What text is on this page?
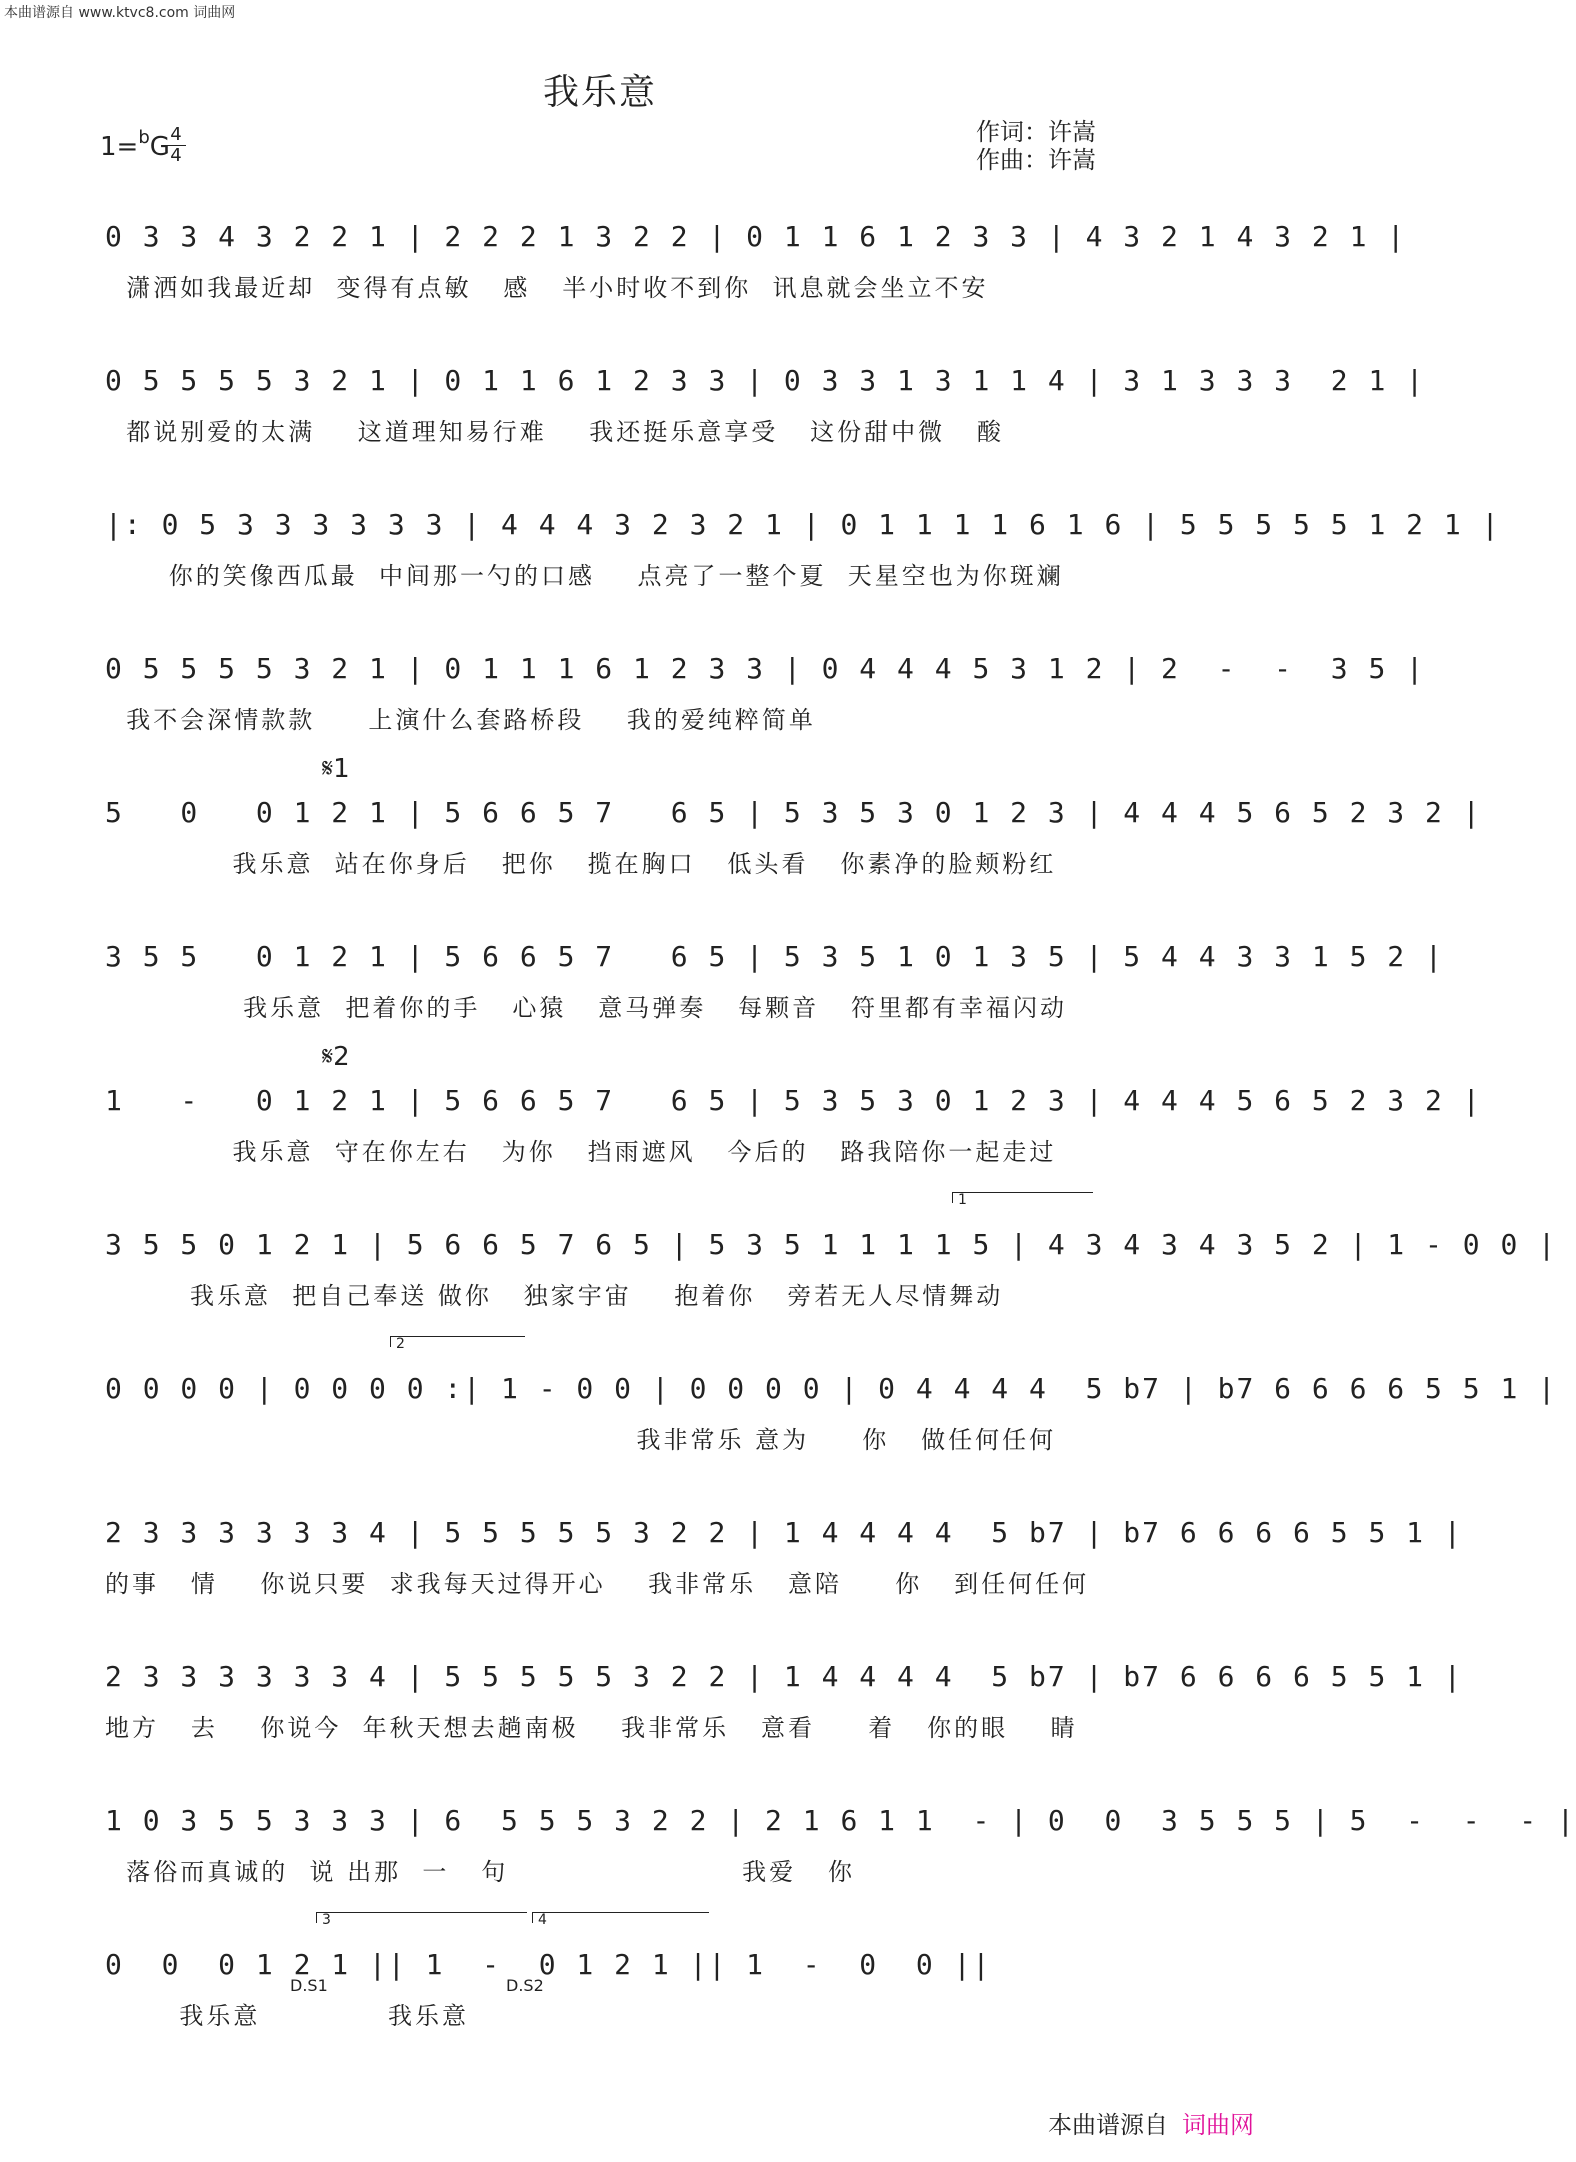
本曲谱源自 www.ktvc8.com 词曲网
我乐意
1=$^b$G 4
4
作词：许嵩
作曲：许嵩
0 3 3 4 3 2 2 1 | 2 2 2 1 3 2 2 | 0 1 1 6 1 2 3 3 | 4 3 2 1 4 3 2 1 |
潇洒如我最近却  变得有点敏   感   半小时收不到你  讯息就会坐立不安
0 5 5 5 5 3 2 1 | 0 1 1 6 1 2 3 3 | 0 3 3 1 3 1 1 4 | 3 1 3 3 3  2 1 |
都说别爱的太满    这道理知易行难    我还挺乐意享受   这份甜中微   酸
|: 0 5 3 3 3 3 3 3 | 4 4 4 3 2 3 2 1 | 0 1 1 1 1 6 1 6 | 5 5 5 5 5 1 2 1 |
你的笑像西瓜最  中间那一勺的口感    点亮了一整个夏  天星空也为你斑斓
0 5 5 5 5 3 2 1 | 0 1 1 1 6 1 2 3 3 | 0 4 4 4 5 3 1 2 | 2  -  -  3 5 |
我不会深情款款     上演什么套路桥段    我的爱纯粹简单
𝄋1
5   0   0 1 2 1 | 5 6 6 5 7   6 5 | 5 3 5 3 0 1 2 3 | 4 4 4 5 6 5 2 3 2 |
我乐意  站在你身后   把你   揽在胸口   低头看   你素净的脸颊粉红
3 5 5   0 1 2 1 | 5 6 6 5 7   6 5 | 5 3 5 1 0 1 3 5 | 5 4 4 3 3 1 5 2 |
我乐意  把着你的手   心猿   意马弹奏   每颗音   符里都有幸福闪动
𝄋2
1   -   0 1 2 1 | 5 6 6 5 7   6 5 | 5 3 5 3 0 1 2 3 | 4 4 4 5 6 5 2 3 2 |
我乐意  守在你左右   为你   挡雨遮风   今后的   路我陪你一起走过
1
3 5 5 0 1 2 1 | 5 6 6 5 7 6 5 | 5 3 5 1 1 1 1 5 | 4 3 4 3 4 3 5 2 | 1 - 0 0 |
我乐意  把自己奉送 做你   独家宇宙    抱着你   旁若无人尽情舞动
2
0 0 0 0 | 0 0 0 0 :| 1 - 0 0 | 0 0 0 0 | 0 4 4 4 4  5 b7 | b7 6 6 6 6 5 5 1 |
我非常乐 意为     你   做任何任何
2 3 3 3 3 3 3 4 | 5 5 5 5 5 3 2 2 | 1 4 4 4 4  5 b7 | b7 6 6 6 6 5 5 1 |
的事   情    你说只要  求我每天过得开心    我非常乐   意陪     你   到任何任何
2 3 3 3 3 3 3 4 | 5 5 5 5 5 3 2 2 | 1 4 4 4 4  5 b7 | b7 6 6 6 6 5 5 1 |
地方   去    你说今  年秋天想去趟南极    我非常乐   意看     着   你的眼    睛
1 0 3 5 5 3 3 3 | 6  5 5 5 3 2 2 | 2 1 6 1 1  - | 0  0  3 5 5 5 | 5  -  -  - |
落俗而真诚的  说 出那  一   句                      我爱   你
3	4
0  0  0 1 2 1 || 1  -  0 1 2 1 || 1  -  0  0 ||
我乐意            我乐意
D.S1	D.S2
本曲谱源自 词曲网
